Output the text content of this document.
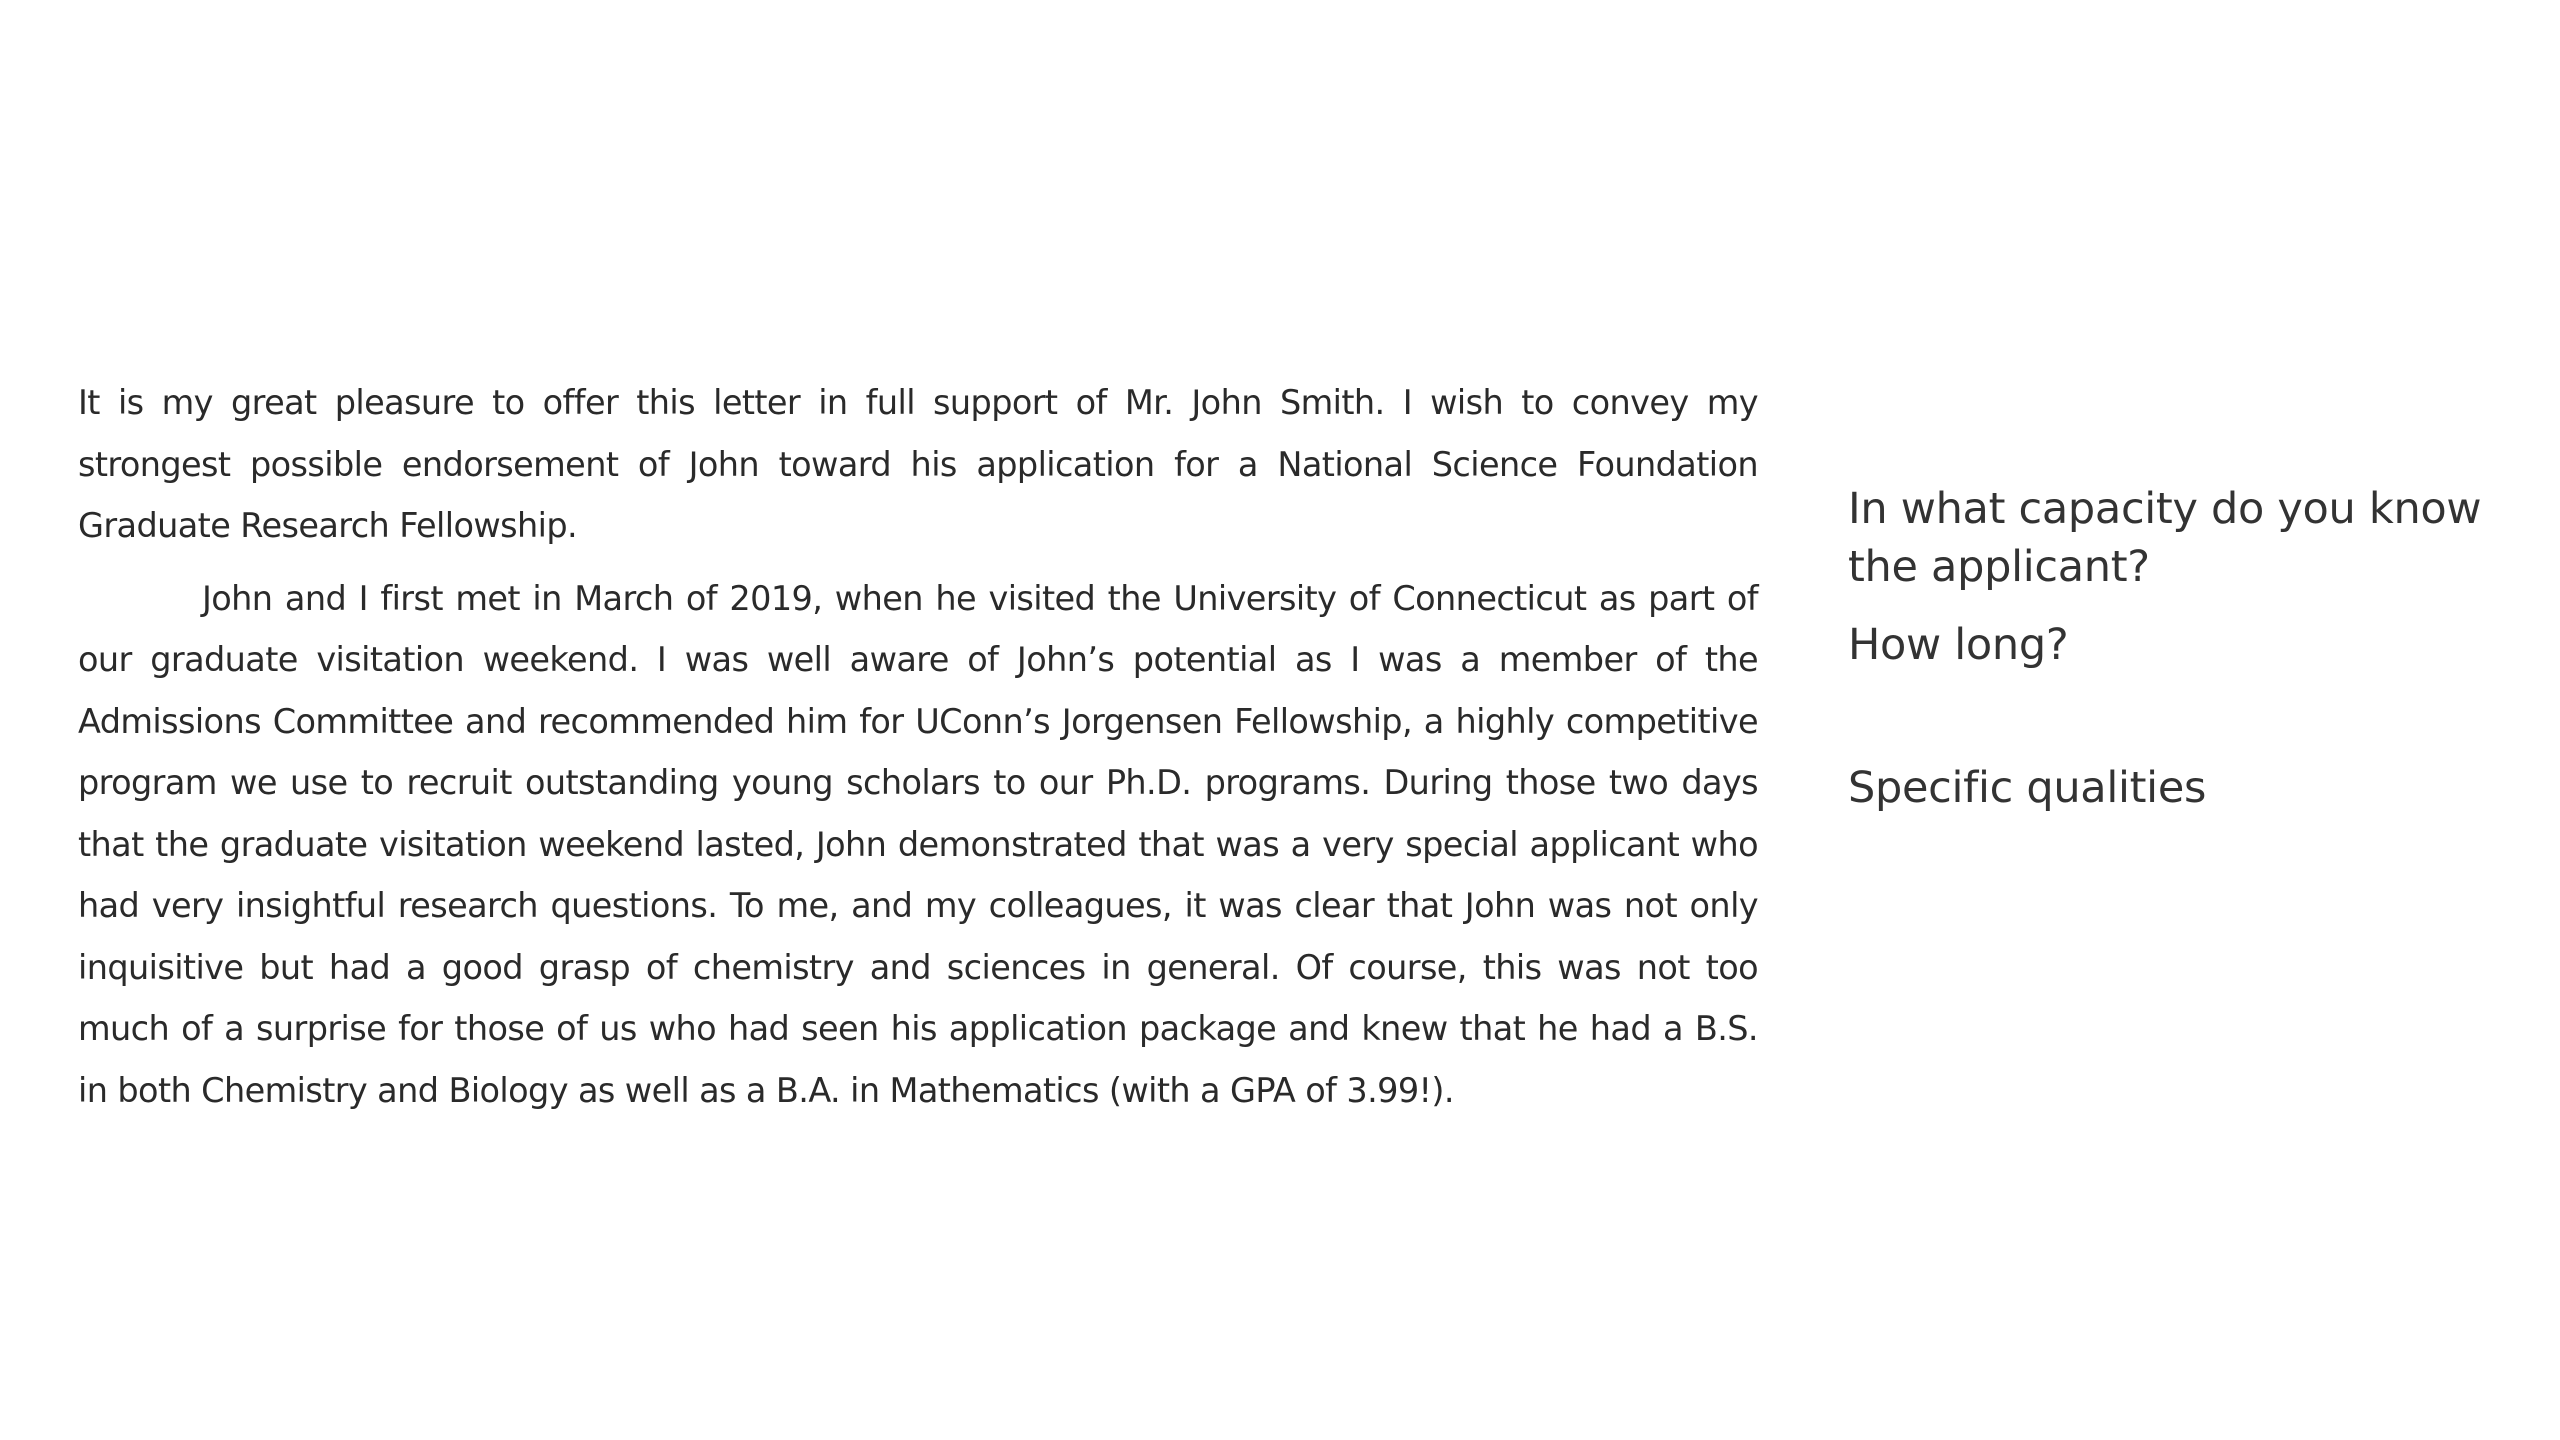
It is my great pleasure to offer this letter in full support of Mr. John Smith. I wish to convey my strongest possible endorsement of John toward his application for a National Science Foundation Graduate Research Fellowship.

John and I first met in March of 2019, when he visited the University of Connecticut as part of our graduate visitation weekend. I was well aware of John’s potential as I was a member of the Admissions Committee and recommended him for UConn’s Jorgensen Fellowship, a highly competitive program we use to recruit outstanding young scholars to our Ph.D. programs. During those two days that the graduate visitation weekend lasted, John demonstrated that was a very special applicant who had very insightful research questions. To me, and my colleagues, it was clear that John was not only inquisitive but had a good grasp of chemistry and sciences in general. Of course, this was not too much of a surprise for those of us who had seen his application package and knew that he had a B.S. in both Chemistry and Biology as well as a B.A. in Mathematics (with a GPA of 3.99!).

In what capacity do you know the applicant?

How long?

Specific qualities
